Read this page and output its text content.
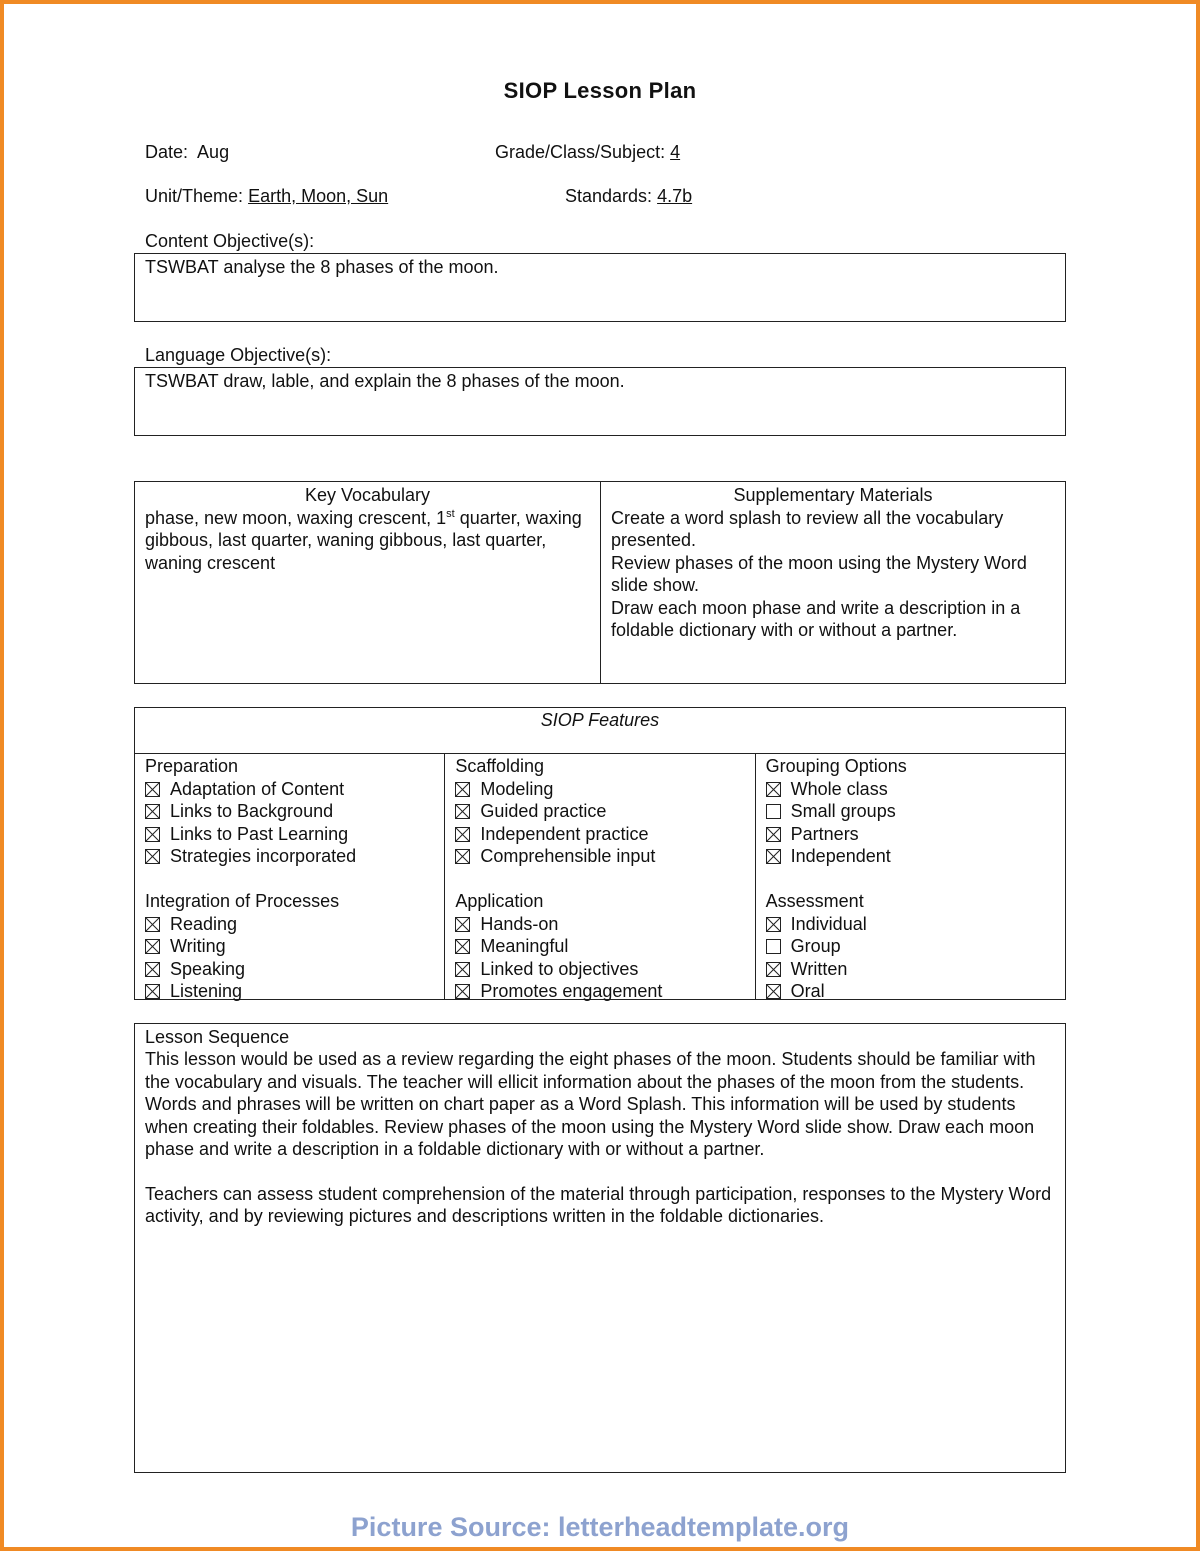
SIOP Lesson Plan
Date: Aug	Grade/Class/Subject: 4
Unit/Theme: Earth, Moon, Sun	Standards: 4.7b
Content Objective(s):
TSWBAT analyse the 8 phases of the moon.
Language Objective(s):
TSWBAT draw, lable, and explain the 8 phases of the moon.
Key Vocabulary
phase, new moon, waxing crescent, 1st quarter, waxing gibbous, last quarter, waning gibbous, last quarter, waning crescent
Supplementary Materials
Create a word splash to review all the vocabulary presented.
Review phases of the moon using the Mystery Word slide show.
Draw each moon phase and write a description in a foldable dictionary with or without a partner.
SIOP Features
Preparation
Adaptation of Content
Links to Background
Links to Past Learning
Strategies incorporated
Integration of Processes
Reading
Writing
Speaking
Listening
Scaffolding
Modeling
Guided practice
Independent practice
Comprehensible input
Application
Hands-on
Meaningful
Linked to objectives
Promotes engagement
Grouping Options
Whole class
Small groups
Partners
Independent
Assessment
Individual
Group
Written
Oral
Lesson Sequence

This lesson would be used as a review regarding the eight phases of the moon. Students should be familiar with the vocabulary and visuals. The teacher will ellicit information about the phases of the moon from the students. Words and phrases will be written on chart paper as a Word Splash. This information will be used by students when creating their foldables. Review phases of the moon using the Mystery Word slide show. Draw each moon phase and write a description in a foldable dictionary with or without a partner.

Teachers can assess student comprehension of the material through participation, responses to the Mystery Word activity, and by reviewing pictures and descriptions written in the foldable dictionaries.

Picture Source: letterheadtemplate.org
